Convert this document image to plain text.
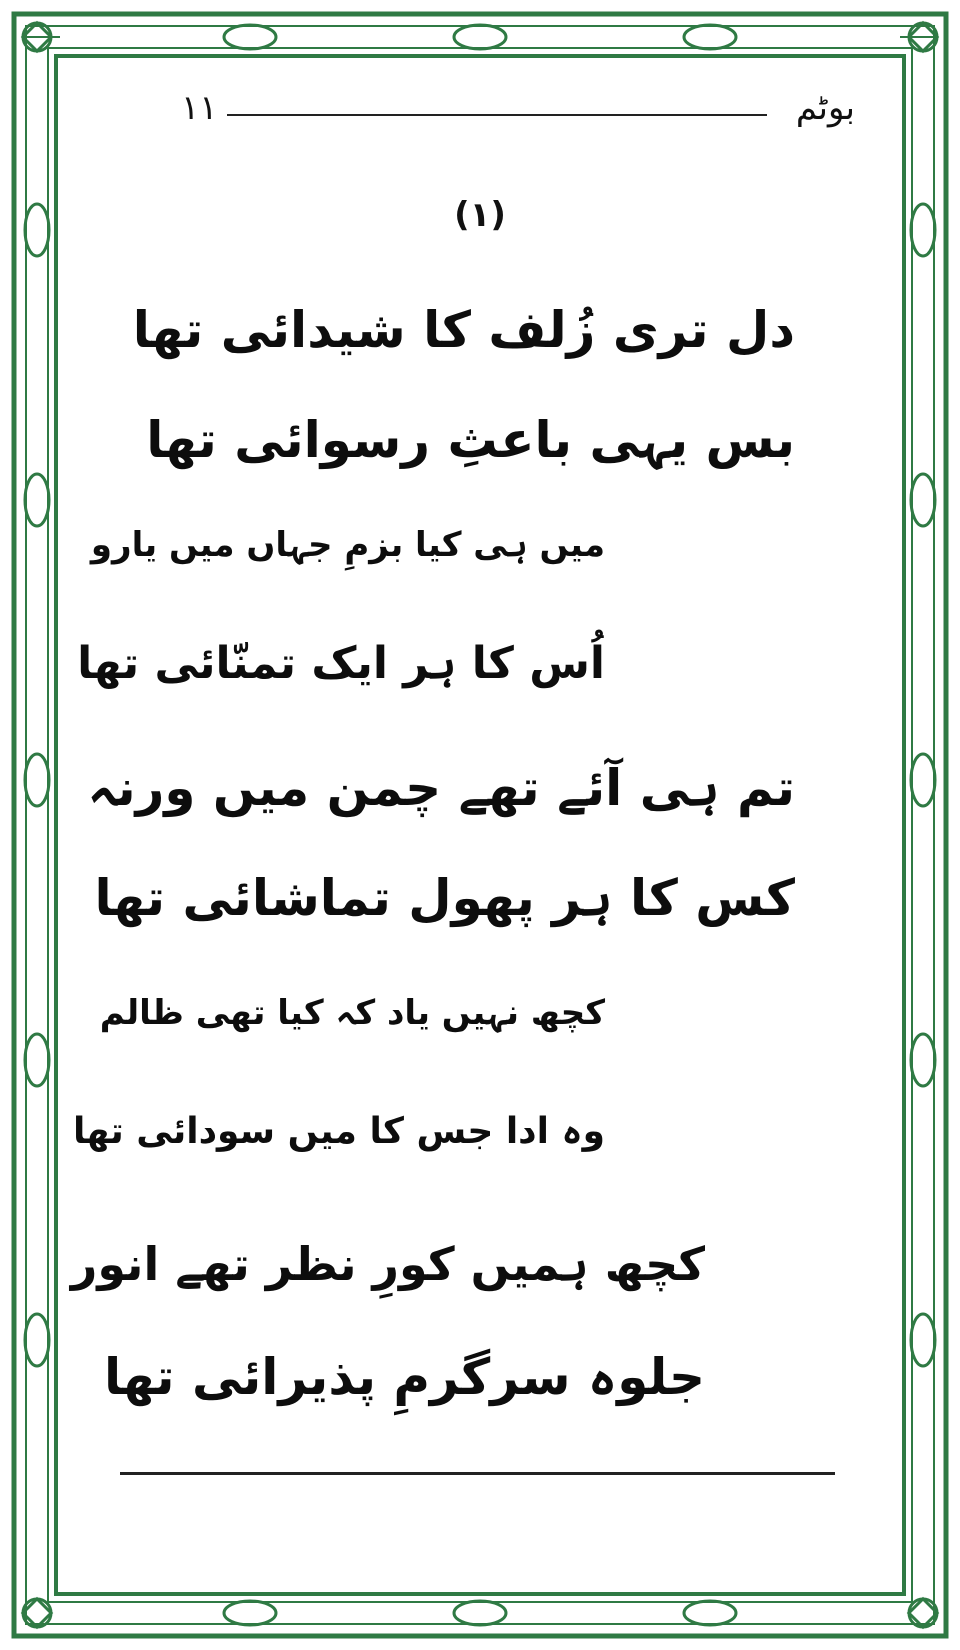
۱۱	بوٹم
(۱)
دل تری زُلف کا شیدائی تھا
بس یہی باعثِ رسوائی تھا
میں ہی کیا بزمِ جہاں میں یارو
اُس کا ہر ایک تمنّائی تھا
تم ہی آئے تھے چمن میں ورنہ
کس کا ہر پھول تماشائی تھا
کچھ نہیں یاد کہ کیا تھی ظالم
وہ ادا جس کا میں سودائی تھا
کچھ ہمیں کورِ نظر تھے انور
جلوہ سرگرمِ پذیرائی تھا
